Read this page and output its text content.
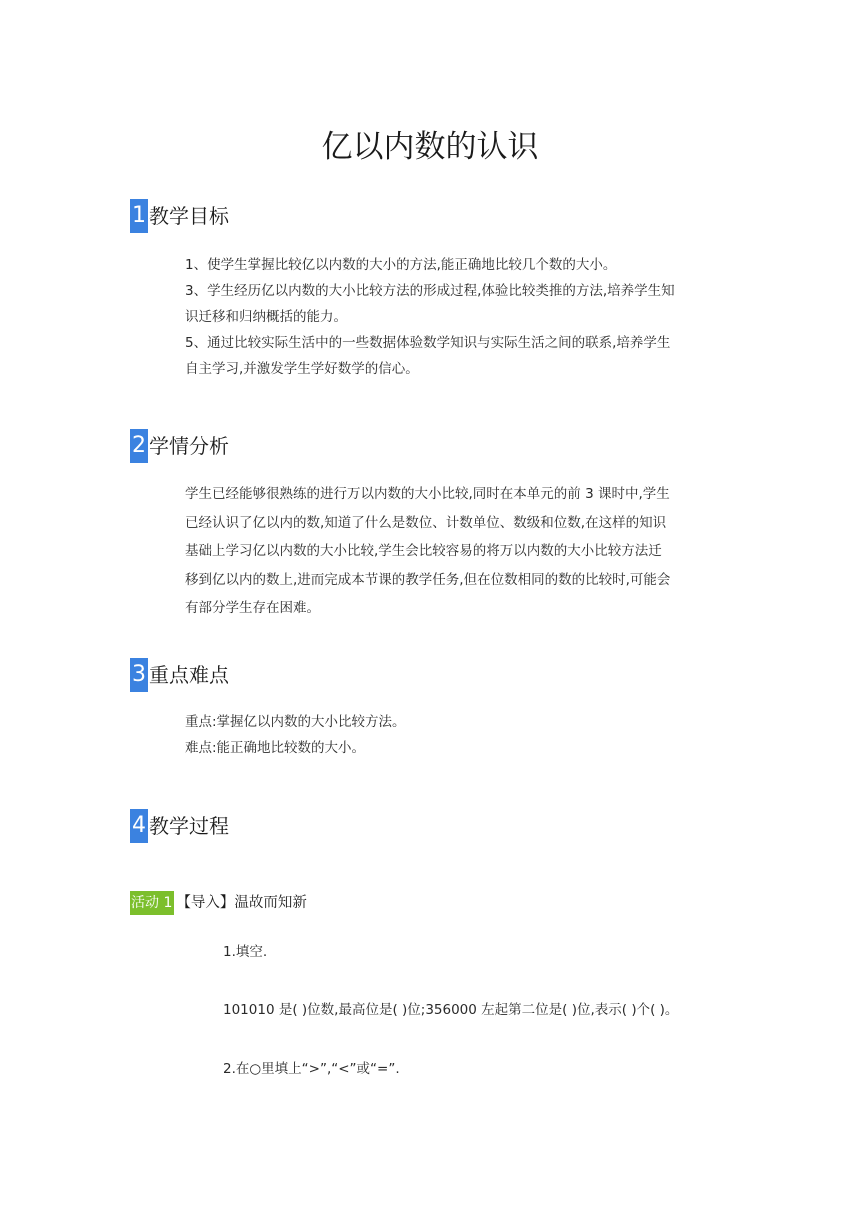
亿以内数的认识
1 教学目标
1、使学生掌握比较亿以内数的大小的方法,能正确地比较几个数的大小。
3、学生经历亿以内数的大小比较方法的形成过程,体验比较类推的方法,培养学生知
识迁移和归纳概括的能力。
5、通过比较实际生活中的一些数据体验数学知识与实际生活之间的联系,培养学生
自主学习,并激发学生学好数学的信心。
2 学情分析
学生已经能够很熟练的进行万以内数的大小比较,同时在本单元的前 3 课时中,学生
已经认识了亿以内的数,知道了什么是数位、计数单位、数级和位数,在这样的知识
基础上学习亿以内数的大小比较,学生会比较容易的将万以内数的大小比较方法迁
移到亿以内的数上,进而完成本节课的教学任务,但在位数相同的数的比较时,可能会
有部分学生存在困难。
3 重点难点
重点:掌握亿以内数的大小比较方法。
难点:能正确地比较数的大小。
4 教学过程
活动 1 【导入】温故而知新

1.填空.

101010 是( )位数,最高位是( )位;356000 左起第二位是( )位,表示( )个( )。

2.在○里填上“>”,“<”或“=”.
